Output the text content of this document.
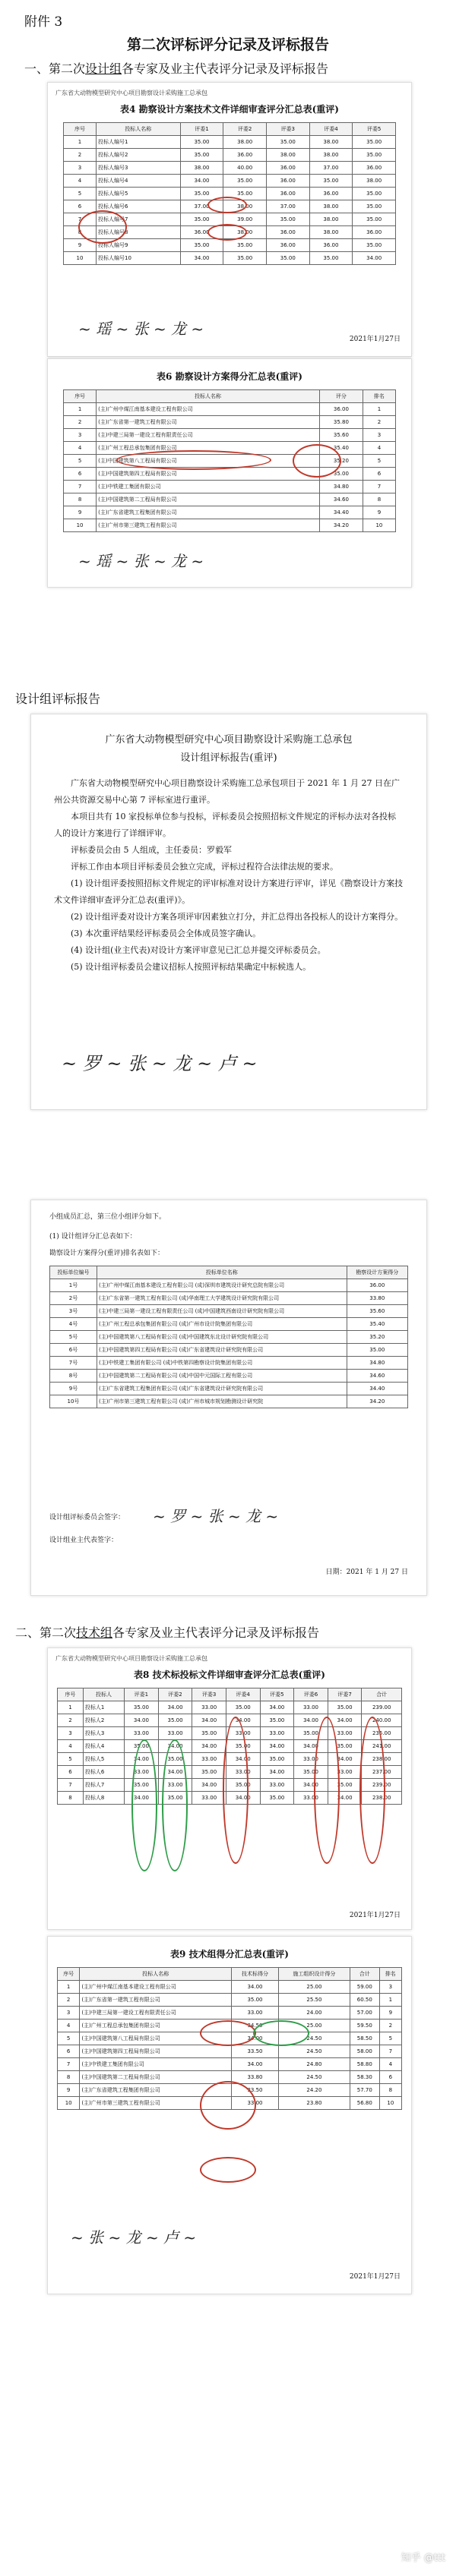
附件 3
第二次评标评分记录及评标报告
一、第二次设计组各专家及业主代表评分记录及评标报告
广东省大动物模型研究中心项目勘察设计采购施工总承包
表4 勘察设计方案技术文件详细审查评分汇总表(重评)
序号	投标人名称	评委1	评委2	评委3	评委4	评委5
1	投标人编号1	35.00	38.00	35.00	38.00	35.00
2	投标人编号2	35.00	36.00	38.00	38.00	35.00
3	投标人编号3	38.00	40.00	36.00	37.00	36.00
4	投标人编号4	34.00	35.00	36.00	35.00	38.00
5	投标人编号5	35.00	35.00	36.00	36.00	35.00
6	投标人编号6	37.00	38.00	37.00	38.00	35.00
7	投标人编号7	35.00	39.00	35.00	38.00	35.00
8	投标人编号8	36.00	38.00	36.00	38.00	36.00
9	投标人编号9	35.00	35.00	36.00	36.00	35.00
10	投标人编号10	34.00	35.00	35.00	35.00	34.00
~ 瑶 ~ 张 ~ 龙 ~
2021年1月27日
表6 勘察设计方案得分汇总表(重评)
序号	投标人名称	评分	排名
1	(主)广州中煤江南基本建设工程有限公司	36.00	1
2	(主)广东省第一建筑工程有限公司	35.80	2
3	(主)中建三局第一建设工程有限责任公司	35.60	3
4	(主)广州工程总承包集团有限公司	35.40	4
5	(主)中国建筑第八工程局有限公司	35.20	5
6	(主)中国建筑第四工程局有限公司	35.00	6
7	(主)中铁建工集团有限公司	34.80	7
8	(主)中国建筑第二工程局有限公司	34.60	8
9	(主)广东省建筑工程集团有限公司	34.40	9
10	(主)广州市第三建筑工程有限公司	34.20	10
~ 瑶 ~ 张 ~ 龙 ~
设计组评标报告
广东省大动物模型研究中心项目勘察设计采购施工总承包
设计组评标报告(重评)
广东省大动物模型研究中心项目勘察设计采购施工总承包项目于 2021 年 1 月 27 日在广州公共资源交易中心第 7 评标室进行重评。
本项目共有 10 家投标单位参与投标，评标委员会按照招标文件规定的评标办法对各投标人的设计方案进行了详细评审。
评标委员会由 5 人组成，主任委员：罗毅军
评标工作由本项目评标委员会独立完成，评标过程符合法律法规的要求。
(1) 设计组评委按照招标文件规定的评审标准对设计方案进行评审，详见《勘察设计方案技术文件详细审查评分汇总表(重评)》。
(2) 设计组评委对设计方案各项评审因素独立打分，并汇总得出各投标人的设计方案得分。
(3) 本次重评结果经评标委员会全体成员签字确认。
(4) 设计组(业主代表)对设计方案评审意见已汇总并提交评标委员会。
(5) 设计组评标委员会建议招标人按照评标结果确定中标候选人。
~ 罗 ~ 张 ~ 龙 ~ 卢 ~
小组成员汇总，第三位小组评分如下。
(1) 设计组评分汇总表如下：
勘察设计方案得分(重评)排名表如下：
投标单位编号	投标单位名称	勘察设计方案得分
1号	(主)广州中煤江南基本建设工程有限公司 (成)深圳市建筑设计研究总院有限公司	36.00
2号	(主)广东省第一建筑工程有限公司 (成)华南理工大学建筑设计研究院有限公司	33.80
3号	(主)中建三局第一建设工程有限责任公司 (成)中国建筑西南设计研究院有限公司	35.60
4号	(主)广州工程总承包集团有限公司 (成)广州市设计院集团有限公司	35.40
5号	(主)中国建筑第八工程局有限公司 (成)中国建筑东北设计研究院有限公司	35.20
6号	(主)中国建筑第四工程局有限公司 (成)广东省建筑设计研究院有限公司	35.00
7号	(主)中铁建工集团有限公司 (成)中铁第四勘察设计院集团有限公司	34.80
8号	(主)中国建筑第二工程局有限公司 (成)中国中元国际工程有限公司	34.60
9号	(主)广东省建筑工程集团有限公司 (成)广东省建筑设计研究院有限公司	34.40
10号	(主)广州市第三建筑工程有限公司 (成)广州市城市规划勘测设计研究院	34.20
设计组评标委员会签字：
设计组业主代表签字：
~ 罗 ~ 张 ~ 龙 ~
日期：2021 年 1 月 27 日
二、第二次技术组各专家及业主代表评分记录及评标报告
广东省大动物模型研究中心项目勘察设计采购施工总承包
表8 技术标投标文件详细审查评分汇总表(重评)
序号	投标人	评委1	评委2	评委3	评委4	评委5	评委6	评委7	合计
1	投标人1	35.00	34.00	33.00	35.00	34.00	33.00	35.00	239.00
2	投标人2	34.00	35.00	34.00	34.00	35.00	34.00	34.00	240.00
3	投标人3	33.00	33.00	35.00	33.00	33.00	35.00	33.00	235.00
4	投标人4	35.00	34.00	34.00	35.00	34.00	34.00	35.00	241.00
5	投标人5	34.00	35.00	33.00	34.00	35.00	33.00	34.00	238.00
6	投标人6	33.00	34.00	35.00	33.00	34.00	35.00	33.00	237.00
7	投标人7	35.00	33.00	34.00	35.00	33.00	34.00	35.00	239.00
8	投标人8	34.00	35.00	33.00	34.00	35.00	33.00	34.00	238.00
2021年1月27日
表9 技术组得分汇总表(重评)
序号	投标人名称	技术标得分	施工组织设计得分	合计	排名
1	(主)广州中煤江南基本建设工程有限公司	34.00	25.00	59.00	3
2	(主)广东省第一建筑工程有限公司	35.00	25.50	60.50	1
3	(主)中建三局第一建设工程有限责任公司	33.00	24.00	57.00	9
4	(主)广州工程总承包集团有限公司	34.50	25.00	59.50	2
5	(主)中国建筑第八工程局有限公司	34.00	24.50	58.50	5
6	(主)中国建筑第四工程局有限公司	33.50	24.50	58.00	7
7	(主)中铁建工集团有限公司	34.00	24.80	58.80	4
8	(主)中国建筑第二工程局有限公司	33.80	24.50	58.30	6
9	(主)广东省建筑工程集团有限公司	33.50	24.20	57.70	8
10	(主)广州市第三建筑工程有限公司	33.00	23.80	56.80	10
~ 张 ~ 龙 ~ 卢 ~
2021年1月27日
知乎 @ttt
